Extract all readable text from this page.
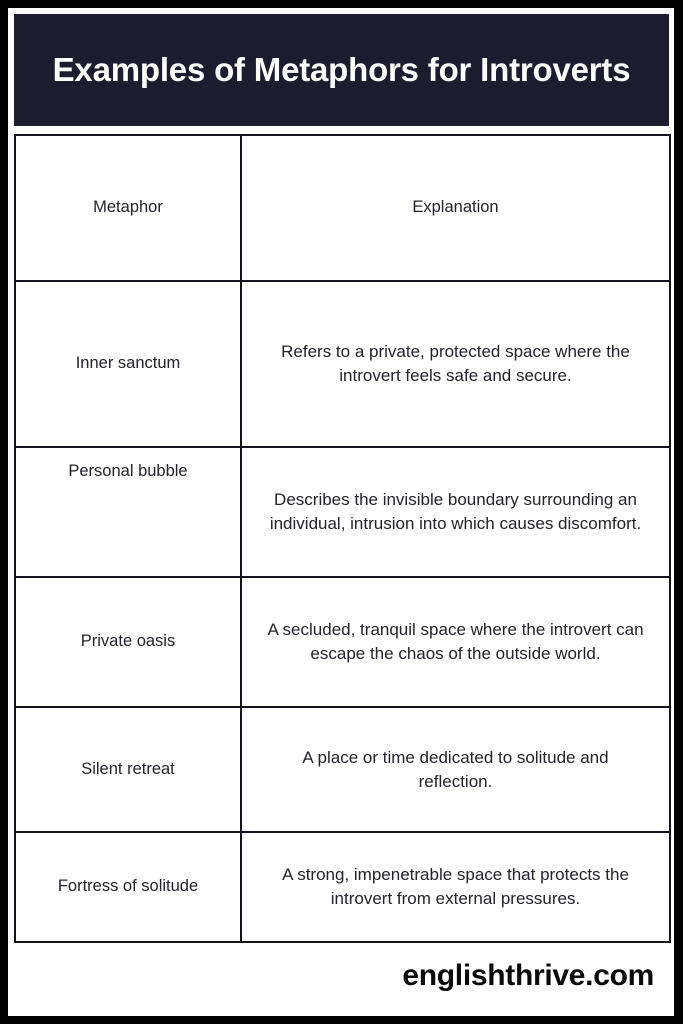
Examples of Metaphors for Introverts
Metaphor	Explanation

Inner sanctum	Refers to a private, protected space where the introvert feels safe and secure.

Personal bubble	Describes the invisible boundary surrounding an individual, intrusion into which causes discomfort.

Private oasis	A secluded, tranquil space where the introvert can escape the chaos of the outside world.

Silent retreat	A place or time dedicated to solitude and reflection.

Fortress of solitude	A strong, impenetrable space that protects the introvert from external pressures.
englishthrive.com
